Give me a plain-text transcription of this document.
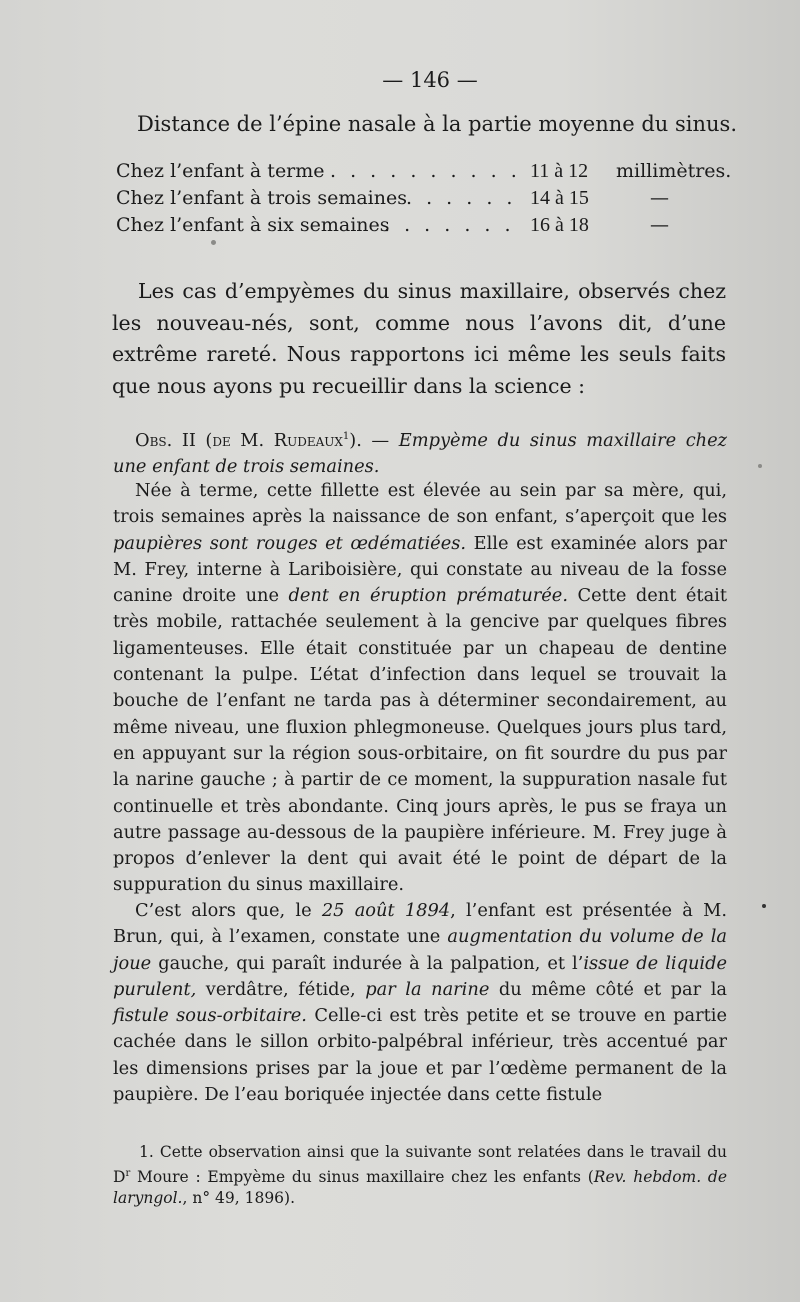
— 146 —
Distance de l’épine nasale à la partie moyenne du sinus.
Chez l’enfant à terme . . . . . . . . . . 11 à 12 millimètres.
Chez l’enfant à trois semaines . . . . . . 14 à 15	—
Chez l’enfant à six semaines
. . . . . . . 16 à 18	—

Les cas d’empyèmes du sinus maxillaire, observés chez les nouveau-nés, sont, comme nous l’avons dit, d’une extrême rareté. Nous rapportons ici même les seuls faits que nous ayons pu recueillir dans la science :

Obs. II (de M. Rudeaux$^1$). — Empyème du sinus maxillaire chez une enfant de trois semaines.

Née à terme, cette fillette est élevée au sein par sa mère, qui, trois semaines après la naissance de son enfant, s’aperçoit que les paupières sont rouges et œdématiées. Elle est examinée alors par M. Frey, interne à Lariboisière, qui constate au niveau de la fosse canine droite une dent en éruption prématurée. Cette dent était très mobile, rattachée seulement à la gencive par quelques fibres ligamenteuses. Elle était constituée par un chapeau de dentine contenant la pulpe. L’état d’infection dans lequel se trouvait la bouche de l’enfant ne tarda pas à déterminer secondairement, au même niveau, une fluxion phlegmoneuse. Quelques jours plus tard, en appuyant sur la région sous-orbitaire, on fit sourdre du pus par la narine gauche ; à partir de ce moment, la suppuration nasale fut continuelle et très abondante. Cinq jours après, le pus se fraya un autre passage au-dessous de la paupière inférieure. M. Frey juge à propos d’enlever la dent qui avait été le point de départ de la suppuration du sinus maxillaire.

C’est alors que, le 25 août 1894, l’enfant est présentée à M. Brun, qui, à l’examen, constate une augmentation du volume de la joue gauche, qui paraît indurée à la palpation, et l’issue de liquide purulent, verdâtre, fétide, par la narine du même côté et par la fistule sous-orbitaire. Celle-ci est très petite et se trouve en partie cachée dans le sillon orbito-palpébral inférieur, très accentué par les dimensions prises par la joue et par l’œdème permanent de la paupière. De l’eau boriquée injectée dans cette fistule

1. Cette observation ainsi que la suivante sont relatées dans le travail du $D^r$ Moure : Empyème du sinus maxillaire chez les enfants (Rev. hebdom. de laryngol., n° 49, 1896).
